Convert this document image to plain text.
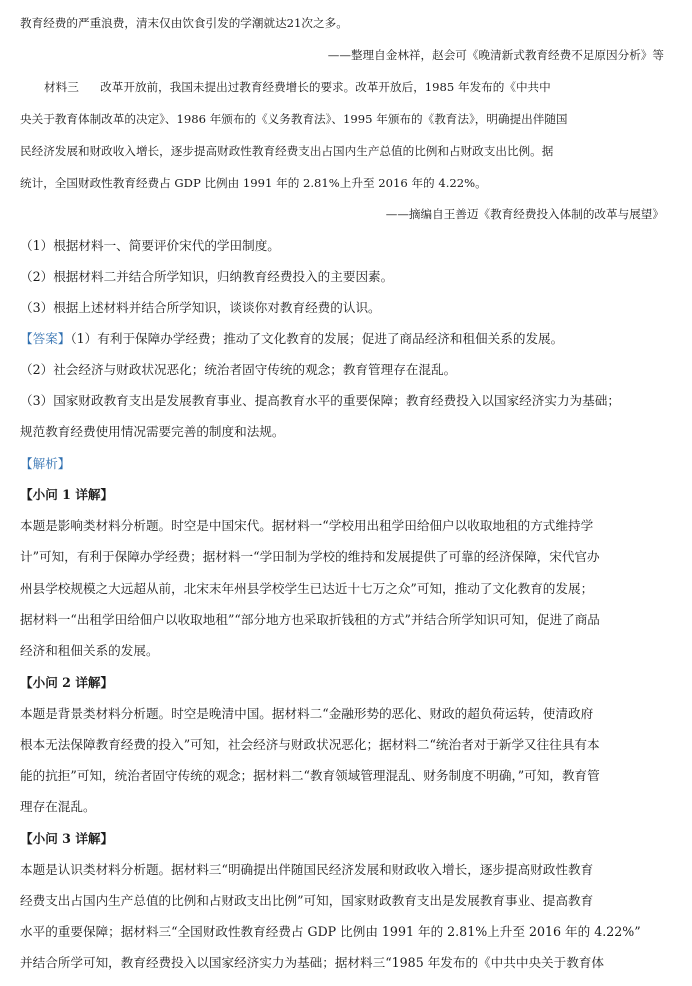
教育经费的严重浪费，清末仅由饮食引发的学潮就达21次之多。
——整理自金林祥，赵会可《晚清新式教育经费不足原因分析》等
材料三 改革开放前，我国未提出过教育经费增长的要求。改革开放后，1985 年发布的《中共中
央关于教育体制改革的决定》、1986 年颁布的《义务教育法》、1995 年颁布的《教育法》，明确提出伴随国
民经济发展和财政收入增长，逐步提高财政性教育经费支出占国内生产总值的比例和占财政支出比例。据
统计，全国财政性教育经费占 GDP 比例由 1991 年的 2.81%上升至 2016 年的 4.22%。
——摘编自王善迈《教育经费投入体制的改革与展望》
（1）根据材料一、简要评价宋代的学田制度。
（2）根据材料二并结合所学知识，归纳教育经费投入的主要因素。
（3）根据上述材料并结合所学知识，谈谈你对教育经费的认识。
【答案】（1）有利于保障办学经费；推动了文化教育的发展；促进了商品经济和租佃关系的发展。
（2）社会经济与财政状况恶化；统治者固守传统的观念；教育管理存在混乱。
（3）国家财政教育支出是发展教育事业、提高教育水平的重要保障；教育经费投入以国家经济实力为基础；
规范教育经费使用情况需要完善的制度和法规。
【解析】
【小问 1 详解】
本题是影响类材料分析题。时空是中国宋代。据材料一“学校用出租学田给佃户以收取地租的方式维持学
计”可知，有利于保障办学经费；据材料一“学田制为学校的维持和发展提供了可靠的经济保障，宋代官办
州县学校规模之大远超从前，北宋末年州县学校学生已达近十七万之众”可知，推动了文化教育的发展；
据材料一“出租学田给佃户以收取地租”“部分地方也采取折钱租的方式”并结合所学知识可知，促进了商品
经济和租佃关系的发展。
【小问 2 详解】
本题是背景类材料分析题。时空是晚清中国。据材料二“金融形势的恶化、财政的超负荷运转，使清政府
根本无法保障教育经费的投入”可知，社会经济与财政状况恶化；据材料二“统治者对于新学又往往具有本
能的抗拒”可知，统治者固守传统的观念；据材料二“教育领域管理混乱、财务制度不明确，”可知，教育管
理存在混乱。
【小问 3 详解】
本题是认识类材料分析题。据材料三“明确提出伴随国民经济发展和财政收入增长，逐步提高财政性教育
经费支出占国内生产总值的比例和占财政支出比例”可知，国家财政教育支出是发展教育事业、提高教育
水平的重要保障；据材料三“全国财政性教育经费占 GDP 比例由 1991 年的 2.81%上升至 2016 年的 4.22%”
并结合所学可知，教育经费投入以国家经济实力为基础；据材料三“1985 年发布的《中共中央关于教育体
